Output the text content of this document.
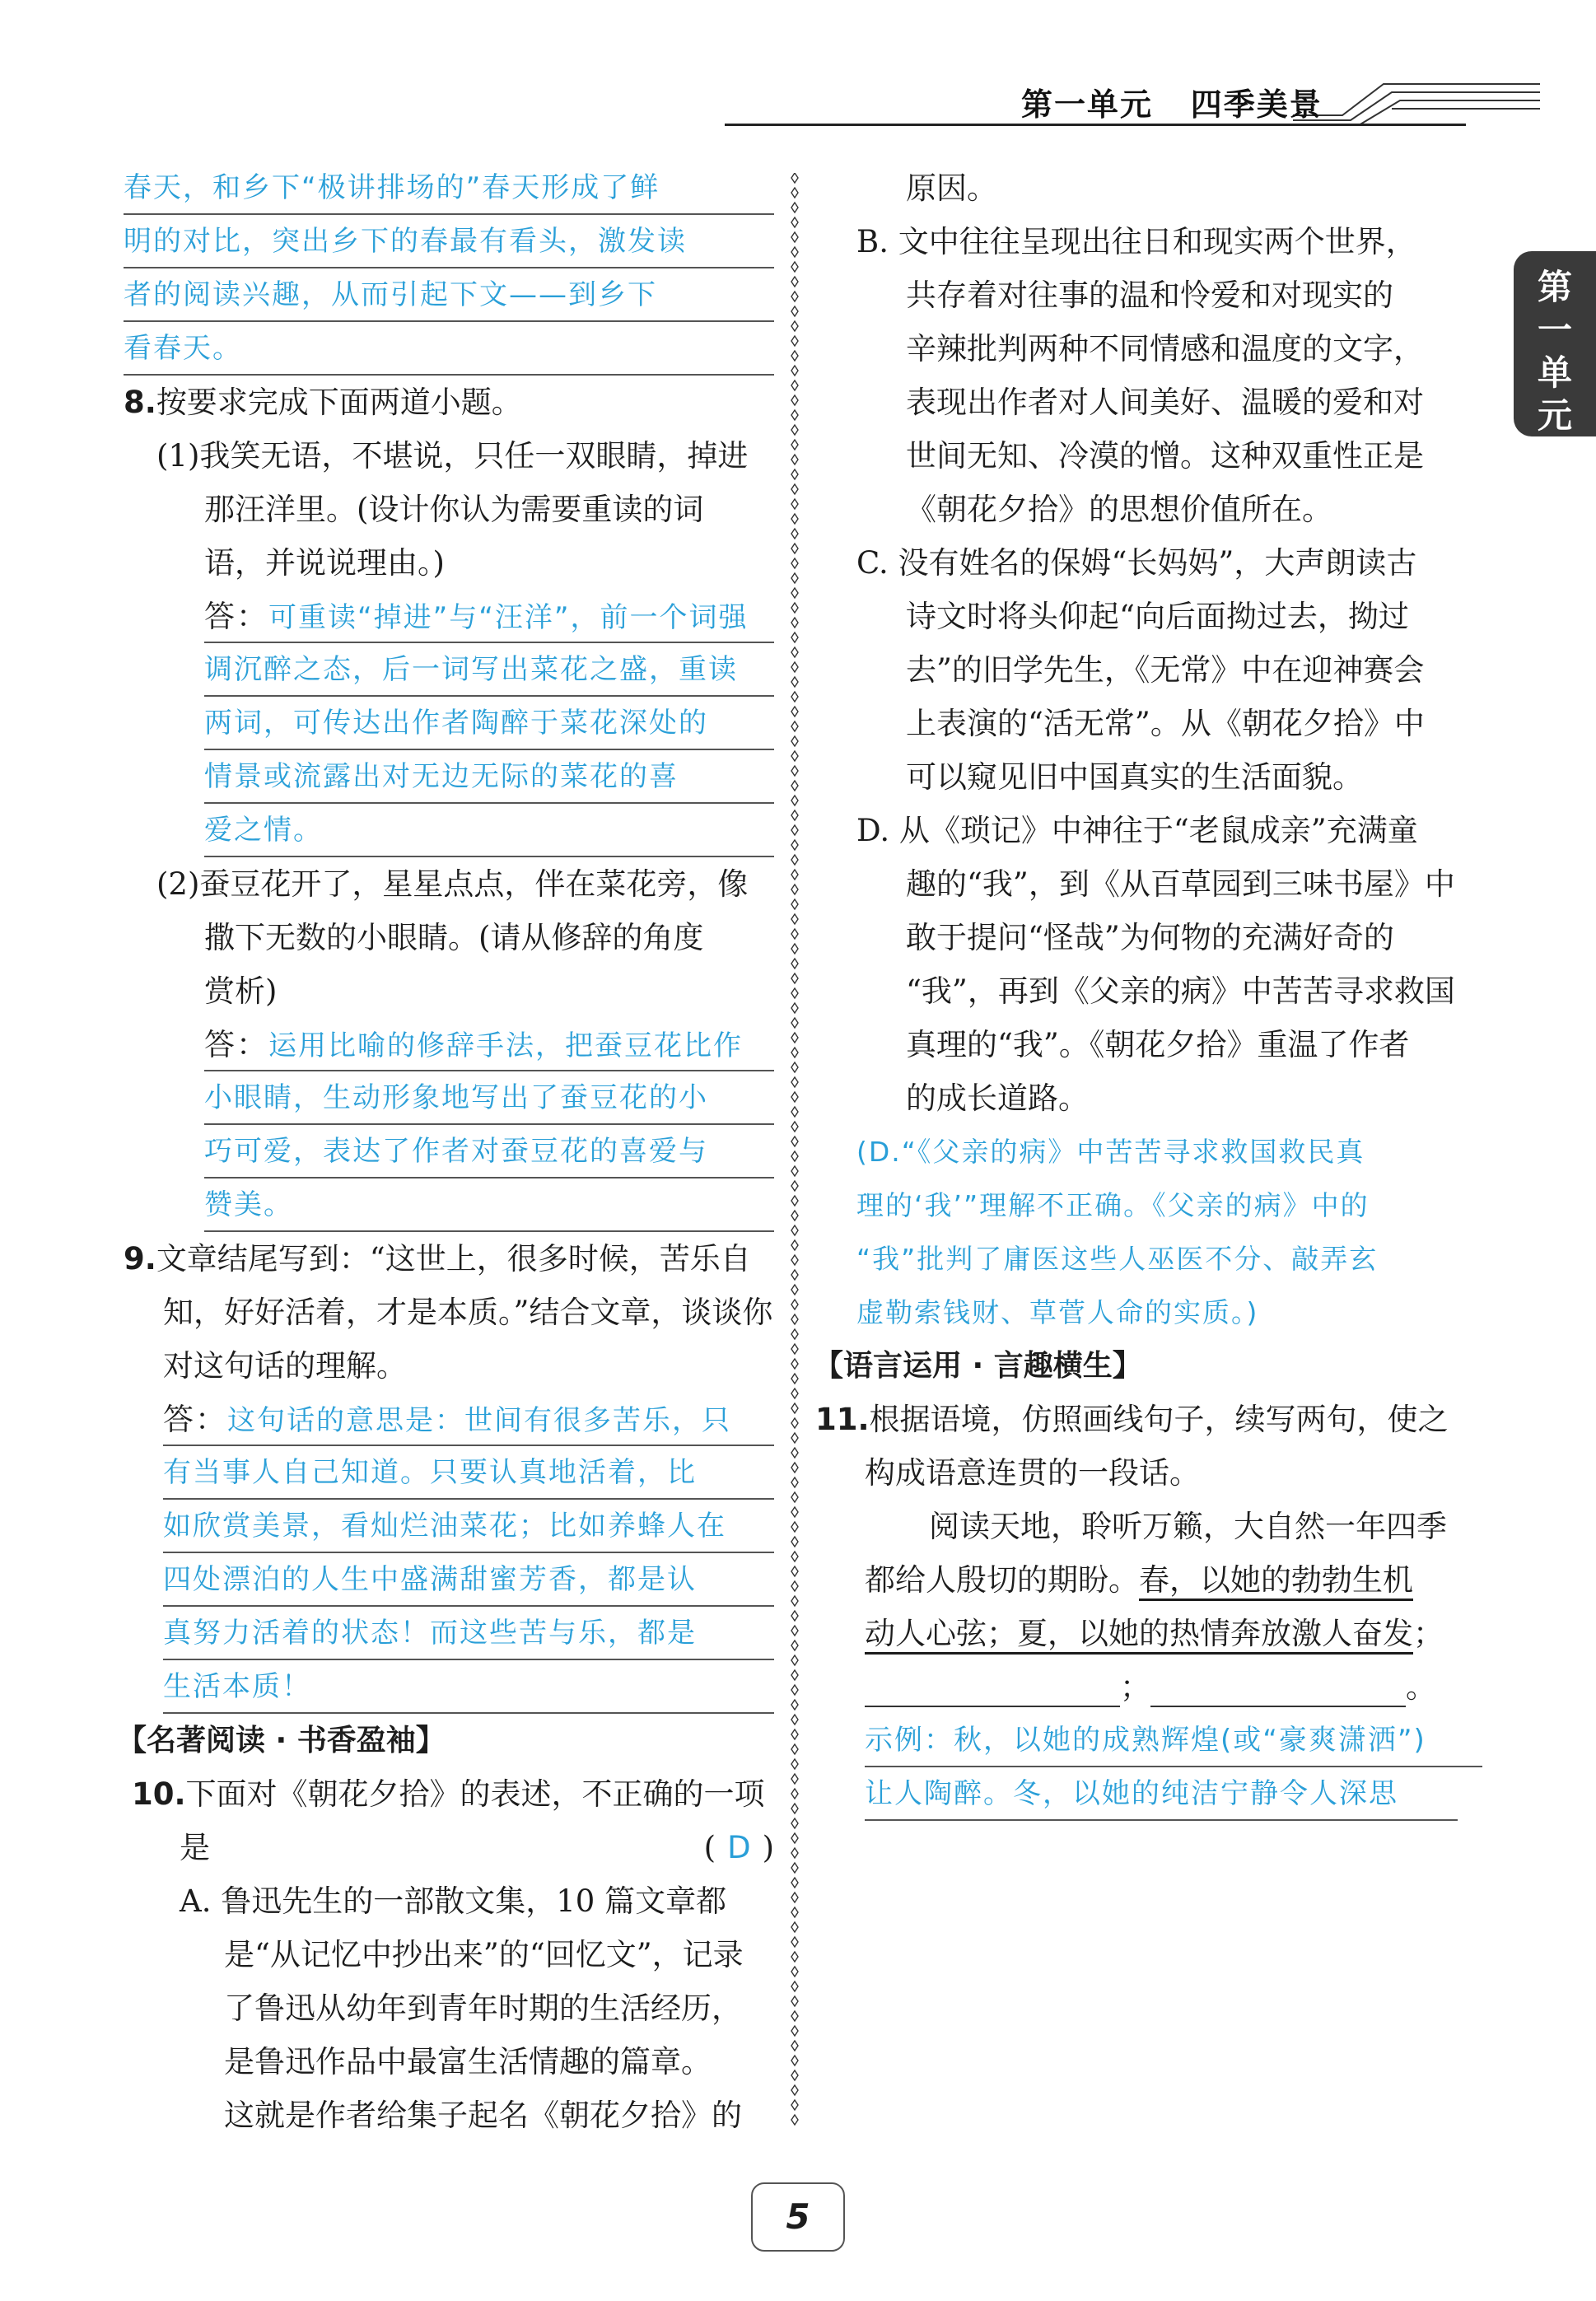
第一单元 四季美景
第
一
单
元
春天，和乡下“极讲排场的”春天形成了鲜
明的对比，突出乡下的春最有看头，激发读
者的阅读兴趣，从而引起下文——到乡下
看春天。
8.按要求完成下面两道小题。
(1)我笑无语，不堪说，只任一双眼睛，掉进
那汪洋里。(设计你认为需要重读的词
语，并说说理由。)
答：可重读“掉进”与“汪洋”，前一个词强
调沉醉之态，后一词写出菜花之盛，重读
两词，可传达出作者陶醉于菜花深处的
情景或流露出对无边无际的菜花的喜
爱之情。
(2)蚕豆花开了，星星点点，伴在菜花旁，像
撒下无数的小眼睛。(请从修辞的角度
赏析)
答：运用比喻的修辞手法，把蚕豆花比作
小眼睛，生动形象地写出了蚕豆花的小
巧可爱，表达了作者对蚕豆花的喜爱与
赞美。
9.文章结尾写到：“这世上，很多时候，苦乐自
知，好好活着，才是本质。”结合文章，谈谈你
对这句话的理解。
答：这句话的意思是：世间有很多苦乐，只
有当事人自己知道。只要认真地活着，比
如欣赏美景，看灿烂油菜花；比如养蜂人在
四处漂泊的人生中盛满甜蜜芳香，都是认
真努力活着的状态！而这些苦与乐，都是
生活本质！
【名著阅读 · 书香盈袖】
10.下面对《朝花夕拾》的表述，不正确的一项
是	( D )
A. 鲁迅先生的一部散文集，10 篇文章都
是“从记忆中抄出来”的“回忆文”，记录
了鲁迅从幼年到青年时期的生活经历，
是鲁迅作品中最富生活情趣的篇章。
这就是作者给集子起名《朝花夕拾》的
原因。
B. 文中往往呈现出往日和现实两个世界，
共存着对往事的温和怜爱和对现实的
辛辣批判两种不同情感和温度的文字，
表现出作者对人间美好、温暖的爱和对
世间无知、冷漠的憎。这种双重性正是
《朝花夕拾》的思想价值所在。
C. 没有姓名的保姆“长妈妈”，大声朗读古
诗文时将头仰起“向后面拗过去，拗过
去”的旧学先生，《无常》中在迎神赛会
上表演的“活无常”。从《朝花夕拾》中
可以窥见旧中国真实的生活面貌。
D. 从《琐记》中神往于“老鼠成亲”充满童
趣的“我”，到《从百草园到三味书屋》中
敢于提问“怪哉”为何物的充满好奇的
“我”，再到《父亲的病》中苦苦寻求救国
真理的“我”。《朝花夕拾》重温了作者
的成长道路。
(D.“《父亲的病》中苦苦寻求救国救民真
理的‘我’”理解不正确。《父亲的病》中的
“我”批判了庸医这些人巫医不分、敲弄玄
虚勒索钱财、草菅人命的实质。)
【语言运用 · 言趣横生】
11.根据语境，仿照画线句子，续写两句，使之
构成语意连贯的一段话。
阅读天地，聆听万籁，大自然一年四季
都给人殷切的期盼。春，以她的勃勃生机
动人心弦；夏，以她的热情奔放激人奋发；
；	。
示例：秋，以她的成熟辉煌(或“豪爽潇洒”)
让人陶醉。冬，以她的纯洁宁静令人深思
5
